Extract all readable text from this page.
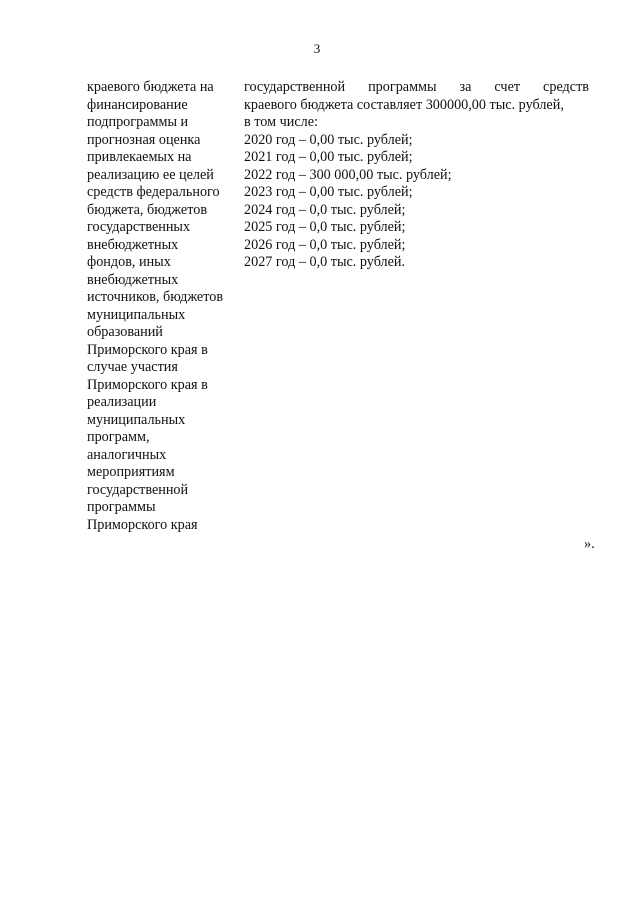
3
краевого бюджета на
финансирование
подпрограммы и
прогнозная оценка
привлекаемых на
реализацию ее целей
средств федерального
бюджета, бюджетов
государственных
внебюджетных
фондов, иных
внебюджетных
источников, бюджетов
муниципальных
образований
Приморского края в
случае участия
Приморского края в
реализации
муниципальных
программ,
аналогичных
мероприятиям
государственной
программы
Приморского края
государственной программы за счет средств
краевого бюджета составляет 300000,00 тыс. рублей,
в том числе:
2020 год – 0,00 тыс. рублей;
2021 год – 0,00 тыс. рублей;
2022 год – 300 000,00 тыс. рублей;
2023 год – 0,00 тыс. рублей;
2024 год – 0,0 тыс. рублей;
2025 год – 0,0 тыс. рублей;
2026 год – 0,0 тыс. рублей;
2027 год – 0,0 тыс. рублей.
».
